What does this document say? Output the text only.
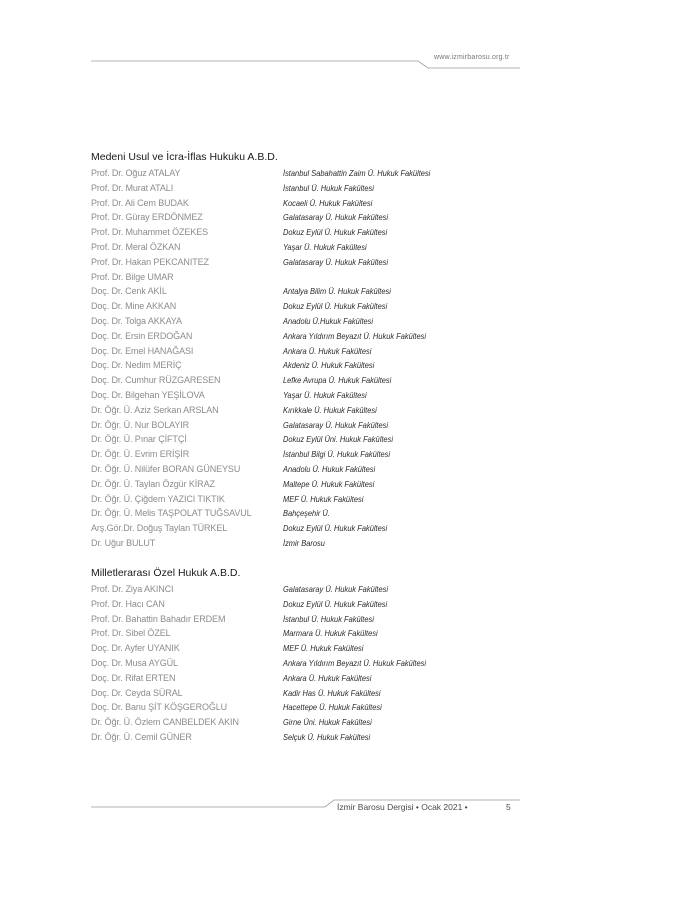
www.izmirbarosu.org.tr
Medeni Usul ve İcra-İflas Hukuku A.B.D.
Prof. Dr. Oğuz ATALAY	İstanbul Sabahattin Zaim Ü. Hukuk Fakültesi
Prof. Dr. Murat ATALI	İstanbul Ü. Hukuk Fakültesi
Prof. Dr. Ali Cem BUDAK	Kocaeli Ü. Hukuk Fakültesi
Prof. Dr. Güray ERDÖNMEZ	Galatasaray Ü. Hukuk Fakültesi
Prof. Dr. Muhammet ÖZEKES	Dokuz Eylül Ü. Hukuk Fakültesi
Prof. Dr. Meral ÖZKAN	Yaşar Ü. Hukuk Fakültesi
Prof. Dr. Hakan PEKCANITEZ	Galatasaray Ü. Hukuk Fakültesi
Prof. Dr. Bilge UMAR
Doç. Dr. Cenk AKİL	Antalya Bilim Ü. Hukuk Fakültesi
Doç. Dr. Mine AKKAN	Dokuz Eylül Ü. Hukuk Fakültesi
Doç. Dr. Tolga AKKAYA	Anadolu Ü.Hukuk Fakültesi
Doç. Dr. Ersin ERDOĞAN	Ankara Yıldırım Beyazıt Ü. Hukuk Fakültesi
Doç. Dr. Emel HANAĞASI	Ankara Ü. Hukuk Fakültesi
Doç. Dr. Nedim MERİÇ	Akdeniz Ü. Hukuk Fakültesi
Doç. Dr. Cumhur RÜZGARESEN	Lefke Avrupa Ü. Hukuk Fakültesi
Doç. Dr. Bilgehan YEŞİLOVA	Yaşar Ü. Hukuk Fakültesi
Dr. Öğr. Ü. Aziz Serkan ARSLAN	Kırıkkale Ü. Hukuk Fakültesi
Dr. Öğr. Ü. Nur BOLAYIR	Galatasaray Ü. Hukuk Fakültesi
Dr. Öğr. Ü. Pınar ÇİFTÇİ	Dokuz Eylül Üni. Hukuk Fakültesi
Dr. Öğr. Ü. Evrim ERİŞİR	İstanbul Bilgi Ü. Hukuk Fakültesi
Dr. Öğr. Ü. Nilüfer BORAN GÜNEYSU	Anadolu Ü. Hukuk Fakültesi
Dr. Öğr. Ü. Taylan Özgür KİRAZ	Maltepe Ü. Hukuk Fakültesi
Dr. Öğr. Ü. Çiğdem YAZICI TIKTIK	MEF Ü. Hukuk Fakültesi
Dr. Öğr. Ü. Melis TAŞPOLAT TUĞSAVUL	Bahçeşehir Ü.
Arş.Gör.Dr. Doğuş Taylan TÜRKEL	Dokuz Eylül Ü. Hukuk Fakültesi
Dr. Uğur BULUT	İzmir Barosu
Milletlerarası Özel Hukuk A.B.D.
Prof. Dr. Ziya AKINCI	Galatasaray Ü. Hukuk Fakültesi
Prof. Dr. Hacı CAN	Dokuz Eylül Ü. Hukuk Fakültesi
Prof. Dr. Bahattin Bahadır ERDEM	İstanbul Ü. Hukuk Fakültesi
Prof. Dr. Sibel ÖZEL	Marmara Ü. Hukuk Fakültesi
Doç. Dr. Ayfer UYANIK	MEF Ü. Hukuk Fakültesi
Doç. Dr. Musa AYGÜL	Ankara Yıldırım Beyazıt Ü. Hukuk Fakültesi
Doç. Dr. Rifat ERTEN	Ankara Ü. Hukuk Fakültesi
Doç. Dr. Ceyda SÜRAL	Kadir Has Ü. Hukuk Fakültesi
Doç. Dr. Banu ŞİT KÖŞGEROĞLU	Hacettepe Ü. Hukuk Fakültesi
Dr. Öğr. Ü. Özlem CANBELDEK AKIN	Girne Üni. Hukuk Fakültesi
Dr. Öğr. Ü. Cemil GÜNER	Selçuk Ü. Hukuk Fakültesi
İzmir Barosu Dergisi • Ocak 2021 •	5
